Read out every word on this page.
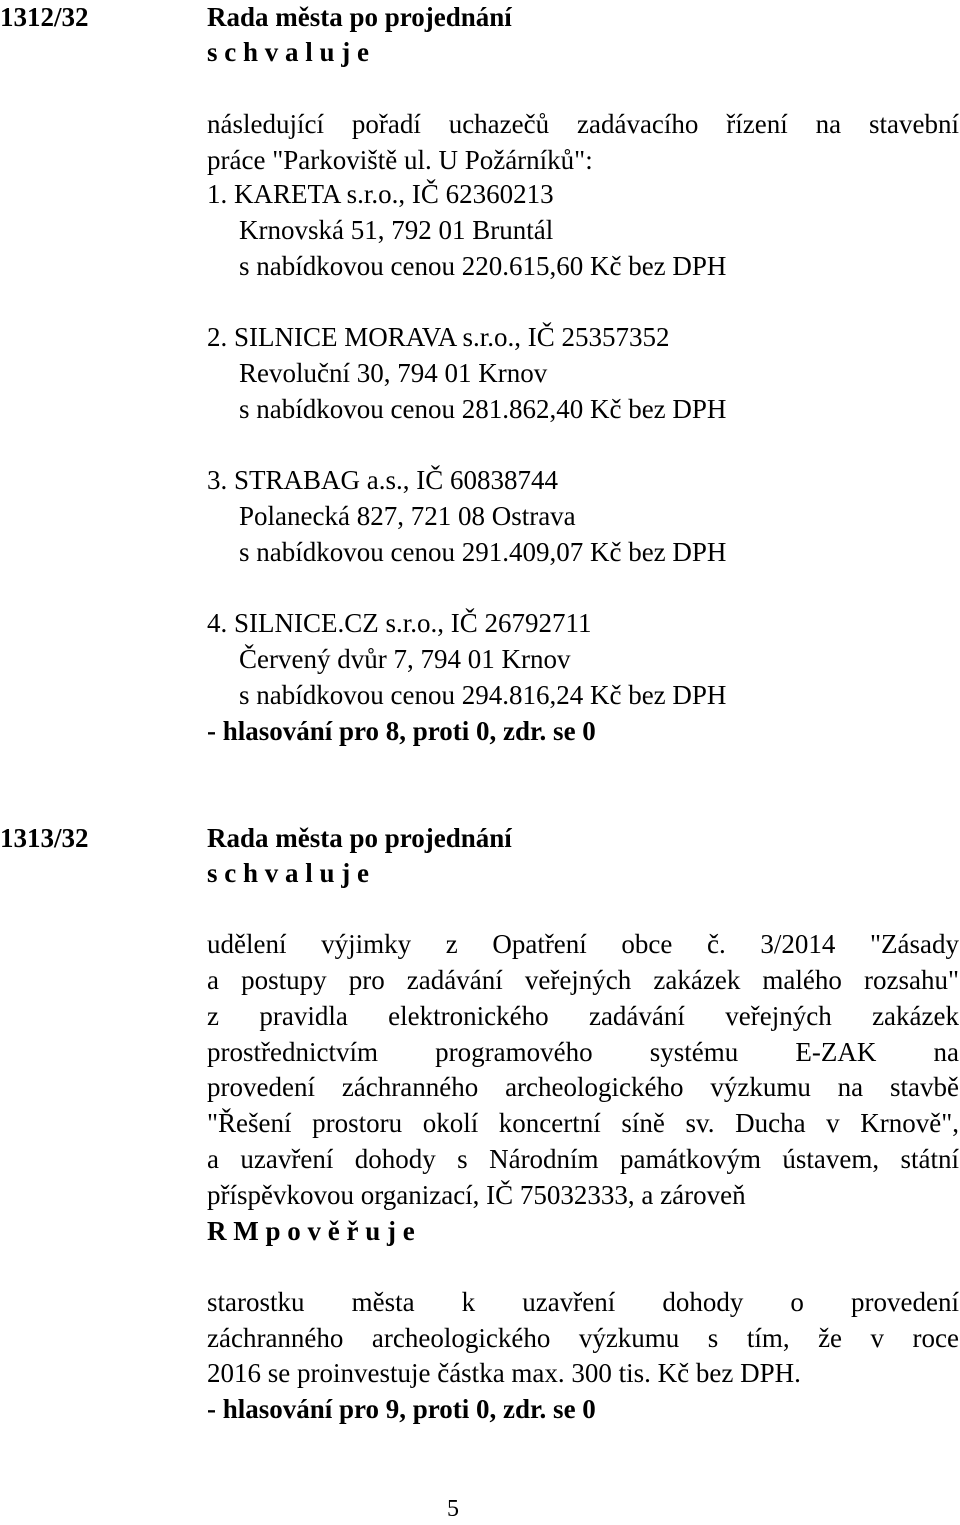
1312/32	Rada města po projednání
s c h v a l u j e
následující pořadí uchazečů zadávacího řízení na stavební
práce "Parkoviště ul. U Požárníků":
1. KARETA s.r.o., IČ 62360213
Krnovská 51, 792 01 Bruntál
s nabídkovou cenou 220.615,60 Kč bez DPH
2. SILNICE MORAVA s.r.o., IČ 25357352
Revoluční 30, 794 01 Krnov
s nabídkovou cenou 281.862,40 Kč bez DPH
3. STRABAG a.s., IČ 60838744
Polanecká 827, 721 08 Ostrava
s nabídkovou cenou 291.409,07 Kč bez DPH
4. SILNICE.CZ s.r.o., IČ 26792711
Červený dvůr 7, 794 01 Krnov
s nabídkovou cenou 294.816,24 Kč bez DPH
- hlasování pro 8, proti 0, zdr. se 0
1313/32	Rada města po projednání
s c h v a l u j e
udělení výjimky z Opatření obce č. 3/2014 "Zásady
a postupy pro zadávání veřejných zakázek malého rozsahu"
z pravidla elektronického zadávání veřejných zakázek
prostřednictvím programového systému E-ZAK na
provedení záchranného archeologického výzkumu na stavbě
"Řešení prostoru okolí koncertní síně sv. Ducha v Krnově",
a uzavření dohody s Národním památkovým ústavem, státní
příspěvkovou organizací, IČ 75032333, a zároveň
R M p o v ě ř u j e
starostku města k uzavření dohody o provedení
záchranného archeologického výzkumu s tím, že v roce
2016 se proinvestuje částka max. 300 tis. Kč bez DPH.
- hlasování pro 9, proti 0, zdr. se 0
5
